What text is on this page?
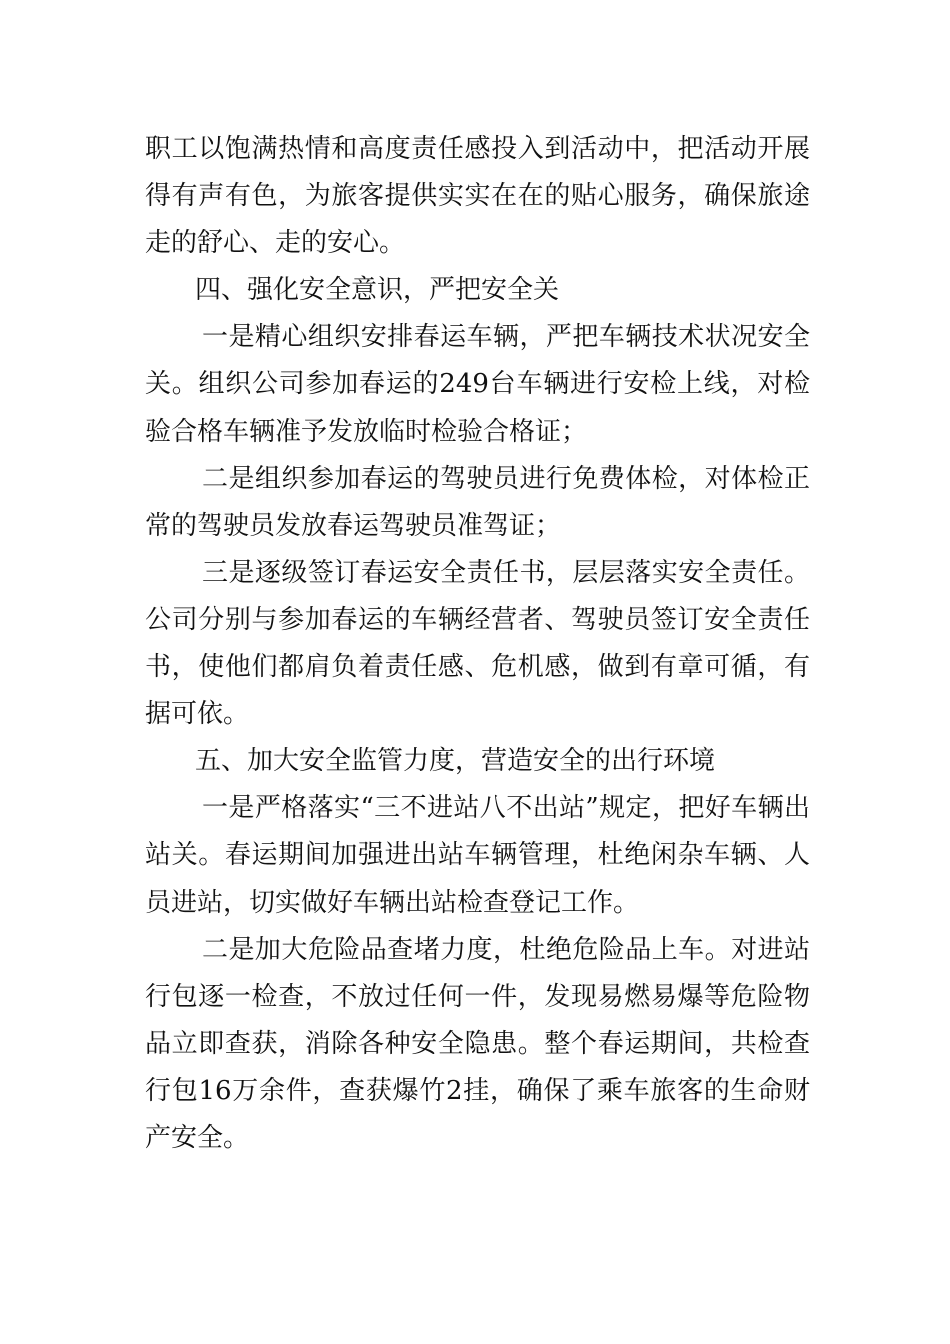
职工以饱满热情和高度责任感投入到活动中，把活动开展得有声有色，为旅客提供实实在在的贴心服务，确保旅途走的舒心、走的安心。

四、强化安全意识，严把安全关

一是精心组织安排春运车辆，严把车辆技术状况安全关。组织公司参加春运的249台车辆进行安检上线，对检验合格车辆准予发放临时检验合格证；

二是组织参加春运的驾驶员进行免费体检，对体检正常的驾驶员发放春运驾驶员准驾证；

三是逐级签订春运安全责任书，层层落实安全责任。公司分别与参加春运的车辆经营者、驾驶员签订安全责任书，使他们都肩负着责任感、危机感，做到有章可循，有据可依。

五、加大安全监管力度，营造安全的出行环境

一是严格落实“三不进站八不出站”规定，把好车辆出站关。春运期间加强进出站车辆管理，杜绝闲杂车辆、人员进站，切实做好车辆出站检查登记工作。

二是加大危险品查堵力度，杜绝危险品上车。对进站行包逐一检查，不放过任何一件，发现易燃易爆等危险物品立即查获，消除各种安全隐患。整个春运期间，共检查行包16万余件，查获爆竹2挂，确保了乘车旅客的生命财产安全。
